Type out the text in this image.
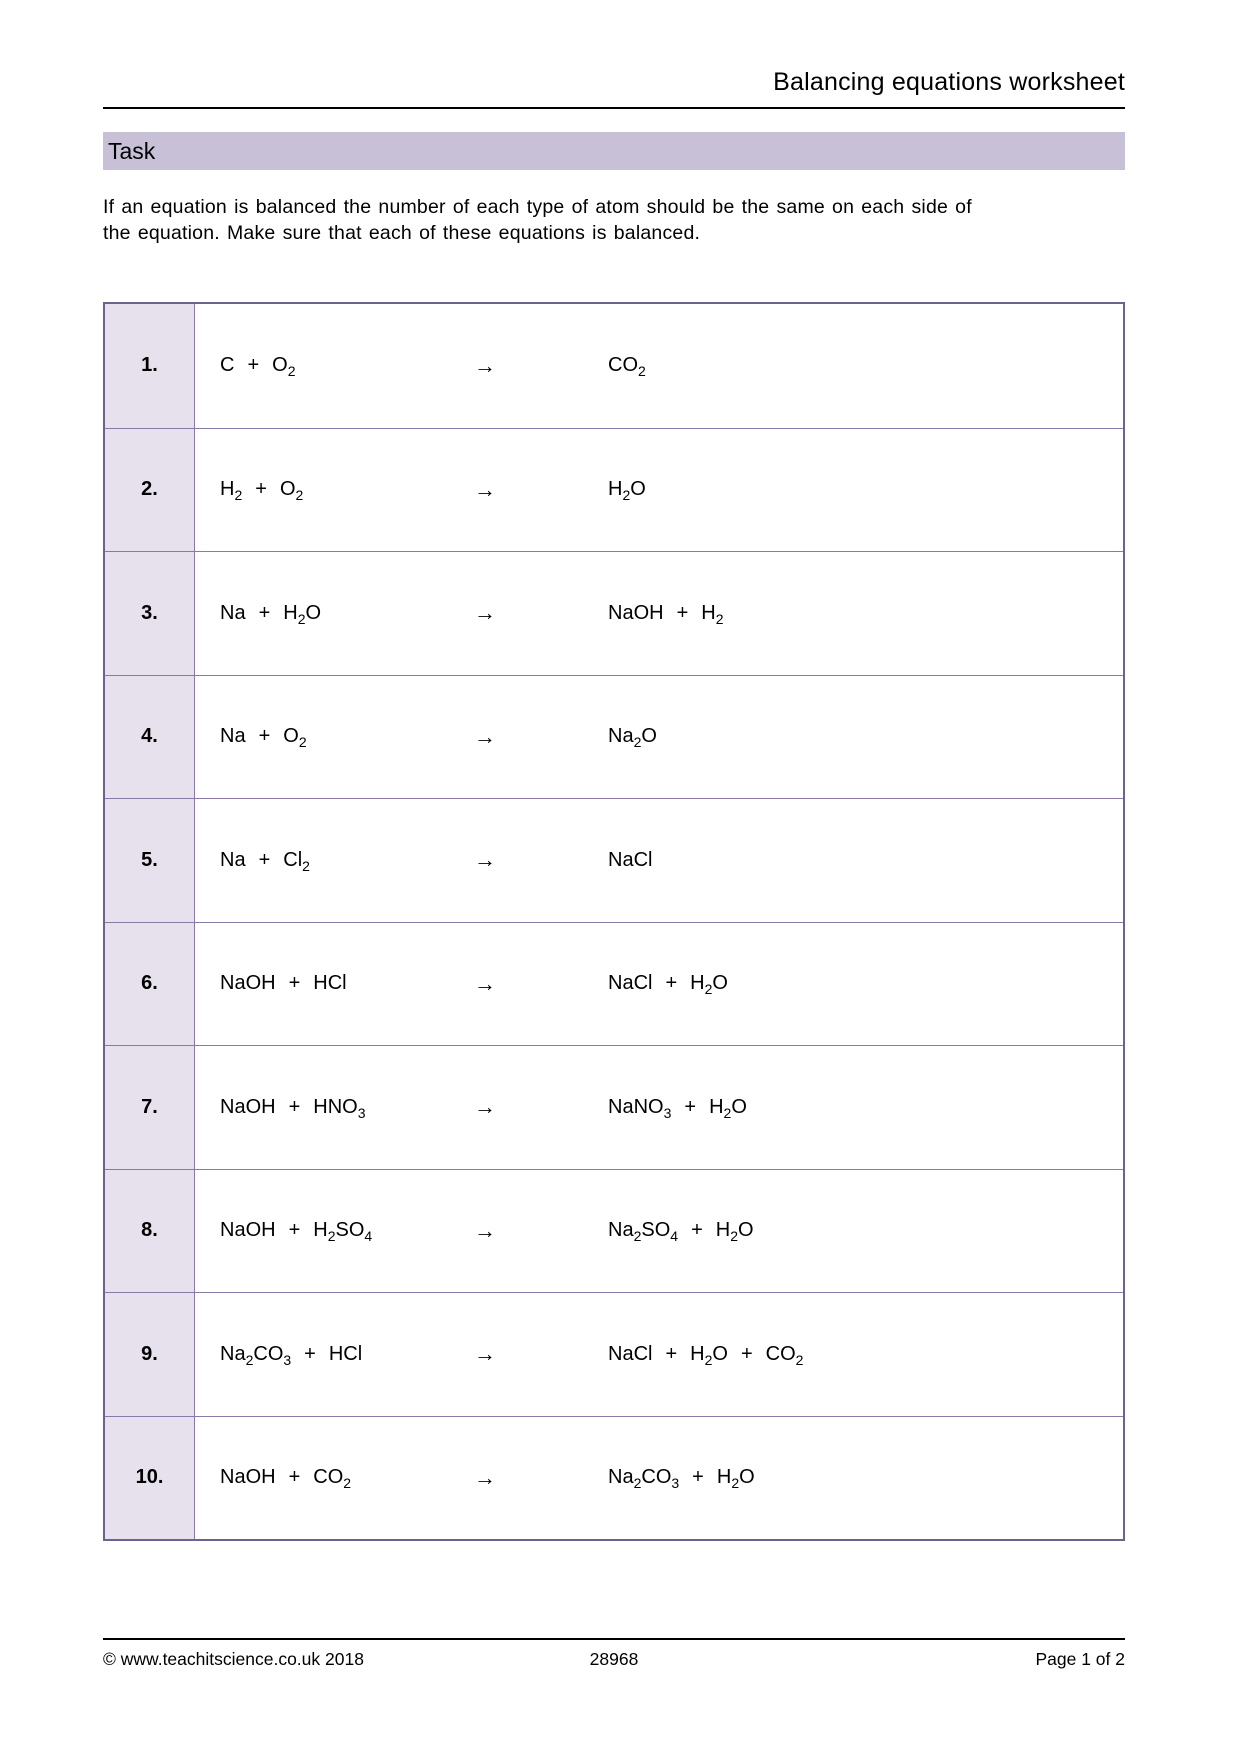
Balancing equations worksheet
Task

If an equation is balanced the number of each type of atom should be the same on each side of
the equation. Make sure that each of these equations is balanced.

1.	$C + O_2$	→	$CO_2$
2.	$H_2 + O_2$	→	$H_2O$
3.	$Na + H_2O$	→	NaOH + $H_2$
4.	$Na + O_2$	→	$Na_2O$
5.	$Na + Cl_2$	→	NaCl
6.	NaOH + HCl	→	NaCl + $H_2O$
7.	NaOH + $HNO_3$	→	NaNO$_3$ + $H_2O$
8.	NaOH + $H_2SO_4$	→	$Na_2SO_4 + H_2O$
9.	$Na_2CO_3$ + HCl	→	NaCl + $H_2O + CO_2$
10.	NaOH + $CO_2$	→	$Na_2CO_3 + H_2O$
© www.teachitscience.co.uk 2018	28968	Page 1 of 2
